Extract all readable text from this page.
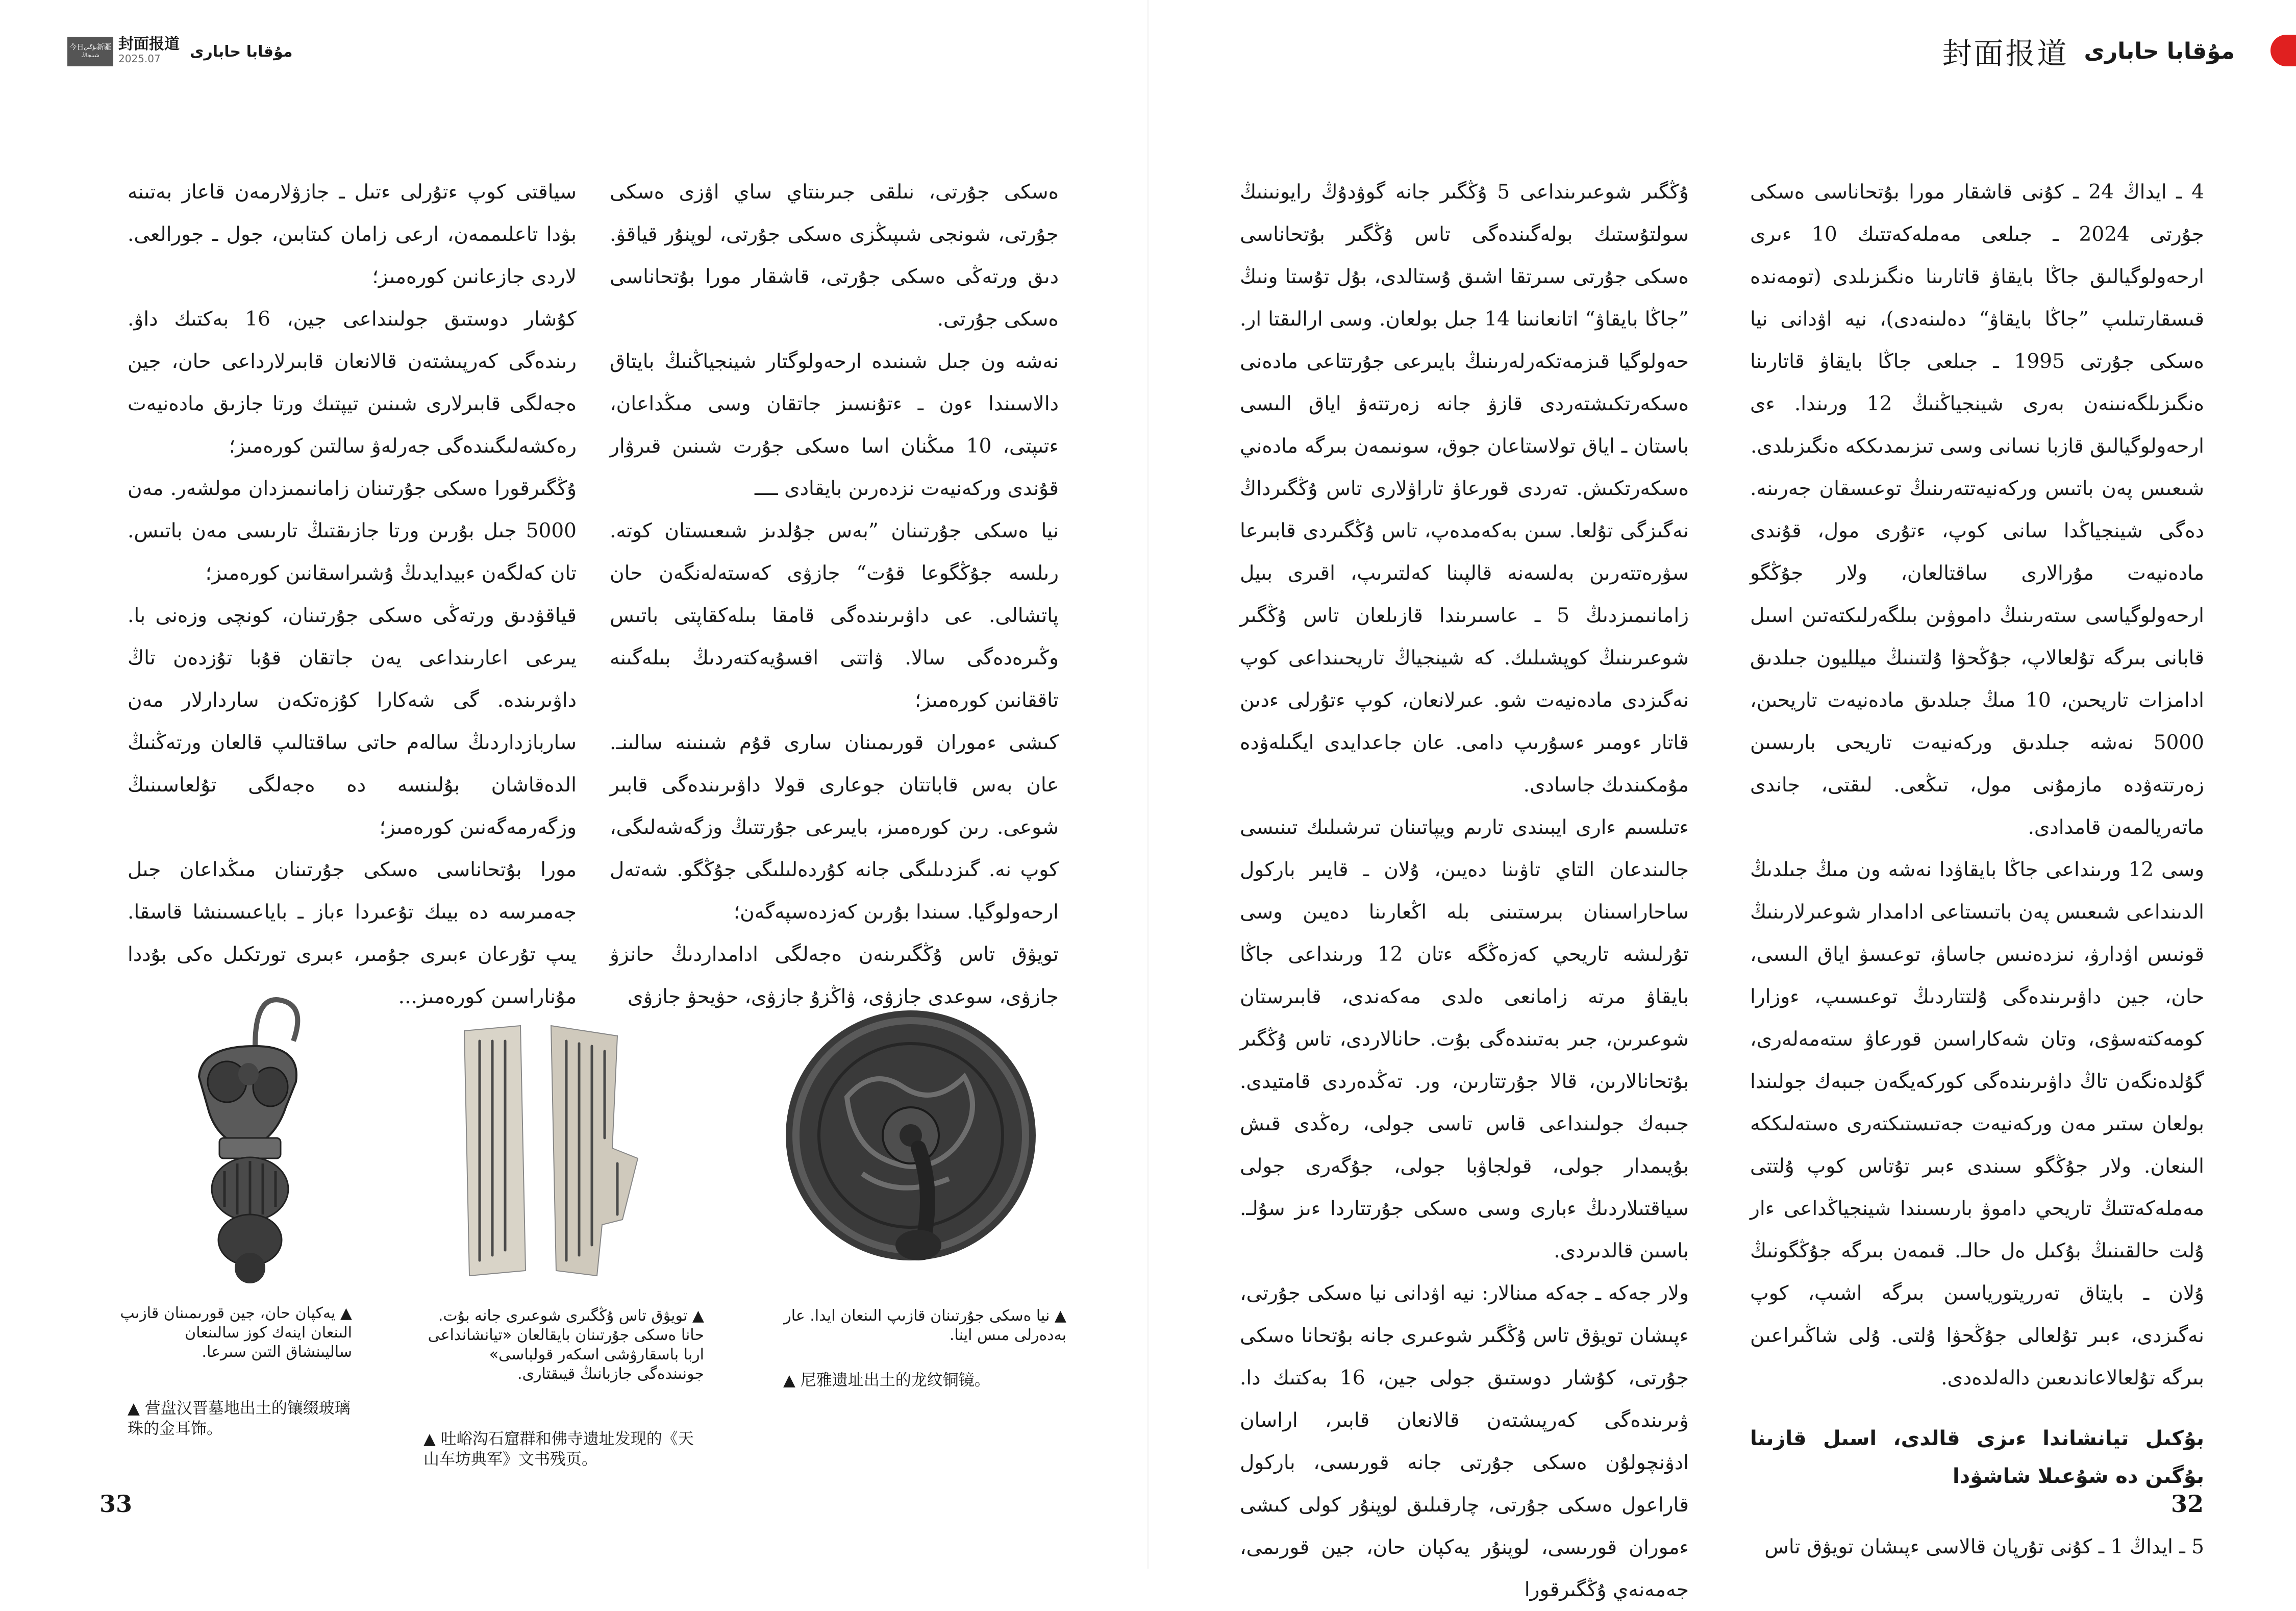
今日 بۇگىن 新疆
شىنجاڭ
封面报道
2025.07	مۇقابا حابارى

سياقتى كوپ ءتۇرلى ءتىل ـ جازۋلارمەن قاعاز بەتىنە بۋدا تاعلىممەن، ارعى زامان كىتابىن، جول ـ جورالعى. لاردى جازعانىن كورەمىز؛

كۇشار دوستىق جولىنداعى جين، 16 بەكتىك داۋ. رىندەگى كەرپىشتەن قالانعان قابىرلارداعى حان، جين ەجەلگى قابىرلارى شىنىن تيپتىك ورتا جازىق مادەنيەت رەكشەلىگىندەگى جەرلەۋ سالتىن كورەمىز؛

ۇڭگىرقورا ەسكى جۇرتىنان زامانىمىزدان مولشەر. مەن 5000 جىل بۇرىن ورتا جازىقتىڭ تارىسى مەن باتىس. تان كەلگەن ءبيدايدىڭ ۇشىراسقانىن كورەمىز؛

قياقۋدىق ورتەڭى ەسكى جۇرتىنان، كونچى وزەنى با. يىرعى اعارىنداعى يەن جاتقان قۇبا تۇزدەن تاڭ داۋىرىندە. گى شەكارا كۇزەتكەن ساردارلار مەن ساربازداردىڭ سالەم حاتى ساقتالىپ قالعان ورتەڭنىڭ الدەقاشان بۇلىنسە دە ەجەلگى تۇلعاسىنىڭ وزگەرمەگەنىن كورەمىز؛

مورا بۇتحاناسى ەسكى جۇرتىنان مىڭداعان جىل جەمىرسە دە بيىك تۇعىردا ءباز ـ باياعىسىنشا قاسقا. يىپ تۇرعان ءبىرى جۇمىر، ءبىرى تورتكىل ەكى بۇددا مۇناراسىن كورەمىز...

ەسكى جۇرتى، نىلقى جىرىنتاي ساي اۋزى ەسكى جۇرتى، شونجى شىپىڭزى ەسكى جۇرتى، لوپنۇر قياقۋ. دىق ورتەڭى ەسكى جۇرتى، قاشقار مورا بۇتحاناسى ەسكى جۇرتى.

نەشە ون جىل شىنىدە ارحەولوگتار شينجياڭنىڭ بايتاق دالاسىندا ءون ـ ءتۇنسىز جاتقان وسى مىڭداعان، ءتىپتى، 10 مىڭنان اسا ەسكى جۇرت شىنىن قىرۋار قۇندى وركەنيەت نزدەرىن بايقادى ــــ

نيا ەسكى جۇرتىنان ”بەس جۇلدىز شىعىستان كوتە. رىلسە جۇڭگوعا قۇت“ جازۋى كەستەلەنگەن حان پاتشالى. عى داۋىرىندەگى قامقا بىلەكقاپتى باتىس وڭىرەدەگى سالا. ۋاتتى اقسۇيەكتەردىڭ بىلەگىنە تاققانىن كورەمىز؛

كىشى ءموران قورىمىنان سارى قۇم شىنىنە سالىنـ. عان بەس قاباتتان جوعارى قولا داۋىرىندەگى قابىر شوعى. رىن كورەمىز، بايىرعى جۇرتتىڭ وزگەشەلىگى، كوپ نە. گىزدىلىگى جانە كۇردەلىلىگى جۇڭگو. شەتەل ارحەولوگيا. سىندا بۇرىن كەزدەسپەگەن؛

تويۋق تاس ۇڭگىرىنەن ەجەلگى ادامداردىڭ حانزۋ جازۋى، سوعدى جازۋى، ۋاڭزۇ جازۋى، حۋيحۋ جازۋى

▲ يەكپان حان، جين قورىمىنان قازىپ الىنعان اينەك كوز سالىنعان ساليىنشاق التىن سىرعا.
▲ 营盘汉晋墓地出土的镶缀玻璃珠的金耳饰。
▲ تويۋق تاس ۇڭگىرى شوعىرى جانە بۇت. حانا ەسكى جۇرتىنان بايقالعان «تيانشانداعى اربا باسقارۋشى اسكەر قولباسى» جونىندەگى جازبانىڭ قيىقتارى.
▲ 吐峪沟石窟群和佛寺遗址发现的《天山车坊典军》文书残页。
▲ نيا ەسكى جۇرتىنان قازىپ الىنعان ايدا. عار بەدەرلى مىس اينا.
▲ 尼雅遗址出土的龙纹铜镜。
33
封面报道 مۇقابا حابارى

ۇڭگىر شوعىرىنداعى 5 ۇڭگىر جانە گوۋدۇڭ رايونىنىڭ سولتۇستىك بولەگىندەگى تاس ۇڭگىر بۇتحاناسى ەسكى جۇرتى سىرتقا اشىق ۇستالدى، بۇل تۇستا ونىڭ ”جاڭا بايقاۋ“ اتانعانىنا 14 جىل بولعان. وسى ارالىقتا ار. حەولوگيا قىزمەتكەرلەرىنىڭ بايىرعى جۇرتتاعى مادەنى ەسكەرتكىشتەردى قازۋ جانە زەرتتەۋ اياق الىسى باستان ـ اياق تولاستاعان جوق، سونىمەن بىرگە مادەني ەسكەرتكىش. تەردى قورعاۋ تاراۋلارى تاس ۇڭگىرداڭ نەگىزگى تۇلعا. سىن بەكەمدەپ، تاس ۇڭگىردى قابىرعا سۋرەتتەرىن بەلسەنە قالپىنا كەلتىرىپ، اقىرى بىيل زامانىمىزدىڭ 5 ـ عاسىرىندا قازىلعان تاس ۇڭگىر شوعىرىنىڭ كوپشىلىك. كە شينجياڭ تاريحىنداعى كوپ نەگىزدى مادەنيەت شو. عىرلانعان، كوپ ءتۇرلى ءدىن قاتار ءومىر ءسۇرىپ دامى. عان جاعدايدى ايگىلەۋدە مۇمكىندىك جاسادى.

ءتىلسىم ءارى ايبىندى تارىم ويپاتىنان تىرشىلىك تىنىسى جالىندعان التاي تاۋىنا دەيىن، ۇلان ـ قايىر باركول ساحاراسىنان بىرستىنى بلە اڭعارىنا دەيىن وسى تۇرلىشە تاريحي كەزەڭگە ءتان 12 ورىنداعى جاڭا بايقاۋ مرتە زامانعى ەلدى مەكەندى، قابىرستان شوعىرىن، جىر بەتىندەگى بۇت. حانالاردى، تاس ۇڭگىر بۇتحانالارىن، قالا جۇرتتارىن، ور. تەڭدەردى قامتيدى. جىبەك جولىنداعى قاس تاسى جولى، رەڭدى قىش بۇيىمدار جولى، قولجاۋبا جولى، جۇگەرى جولى سياقتىلاردىڭ ءبارى وسى ەسكى جۇرتتاردا ءىز سۇلـ. باسىن قالدىردى.

ولار جەكە ـ جەكە مىنالار: نيە اۋدانى نيا ەسكى جۇرتى، ءپىشان تويۋق تاس ۇڭگىر شوعىرى جانە بۇتحانا ەسكى جۇرتى، كۇشار دوستىق جولى جين، 16 بەكتىك دا. ۋىرىندەگى كەرپىشتەن قالانعان قابىر، اراسان ادۋنچولۇن ەسكى جۇرتى جانە قورىسى، باركول قاراعول ەسكى جۇرتى، چارقىلىق لوپنۇر كولى كىشى ءموران قورىسى، لوپنۇر يەكپان حان، جين قورىمى، جەمەنەي ۇڭگىرقورا

4 ـ ايداڭ 24 ـ كۇنى قاشقار مورا بۇتحاناسى ەسكى جۇرتى 2024 ـ جىلعى مەملەكەتتىك 10 ءىرى ارحەولوگيالىق جاڭا بايقاۋ قاتارىنا ەنگىزىلدى (تومەندە قىسقارتىلىپ ”جاڭا بايقاۋ“ دەلىنەدى)، نيە اۋدانى نيا ەسكى جۇرتى 1995 ـ جىلعى جاڭا بايقاۋ قاتارىنا ەنگىزىلگەنىنەن بەرى شينجياڭنىڭ 12 ورىندا. ءى ارحەولوگيالىق قازبا نسانى وسى تىزىمدىككە ەنگىزىلدى.

شىعىس پەن باتىس وركەنيەتتەرىنىڭ توعىسقان جەرىنە. دەگى شينجياڭدا سانى كوپ، ءتۇرى مول، قۇندى مادەنيەت مۇرالارى ساقتالعان، ولار جۇڭگو ارحەولوگياسى ستەرىنىڭ داموۋىن بىلگەرلىكتەتىن اسىل قابانى بىرگە تۇلعالاپ، جۇڭحۋا ۇلتىنىڭ ميلليون جىلدىق ادامزات تاريحىن، 10 مىڭ جىلدىق مادەنيەت تاريحىن، 5000 نەشە جىلدىق وركەنيەت تاريحى بارىسىن زەرتتەۋدە مازمۇنى مول، تىڭعى. لىقتى، جاندى ماتەريالمەن قامدادى.

وسى 12 ورىنداعى جاڭا بايقاۋدا نەشە ون مىڭ جىلدىڭ الدىنداعى شىعىس پەن باتىستاعى ادامدار شوعىرلارىنىڭ قونىس اۋدارۋ، نىزدەنىس جاساۋ، توعىسۋ اياق الىسى، حان، جين داۋىرىندەگى ۇلتتاردىڭ توعىسىپ، ءوزارا كومەكتەسۋى، وتان شەكاراسىن قورعاۋ ستەمەلەرى، گۇلدەنگەن تاڭ داۋىرىندەگى كوركەيگەن جىبەك جولىندا بولعان ستىر مەن وركەنيەت جەتىستىكتەرى ەستەلىككە الىنعان. ولار جۇڭگو سىندى ءبىر تۇتاس كوپ ۇلتتى مەملەكەتتىڭ تاريحي داموۋ بارىسىندا شينجياڭداعى ءار ۇلت حالقىنىڭ بۇكىل ەل حالـ. قىمەن بىرگە جۇڭگونىڭ ۇلان ـ بايتاق تەرريتورياسىن بىرگە اشىپ، كوپ نەگىزدى، ءبىر تۇلعالى جۇڭحۋا ۇلتى. ۇلى شاڭىراعىن بىرگە تۇلعالاعاندىعىن دالەلدەدى.

بۇكىل تيانشاندا ءىزى قالدى، اسىل قازىنا بۇگىن دە شۇعىلا شاشۋدا

5 ـ ايداڭ 1 ـ كۇنى تۇرپان قالاسى ءپىشان تويۋق تاس

32
